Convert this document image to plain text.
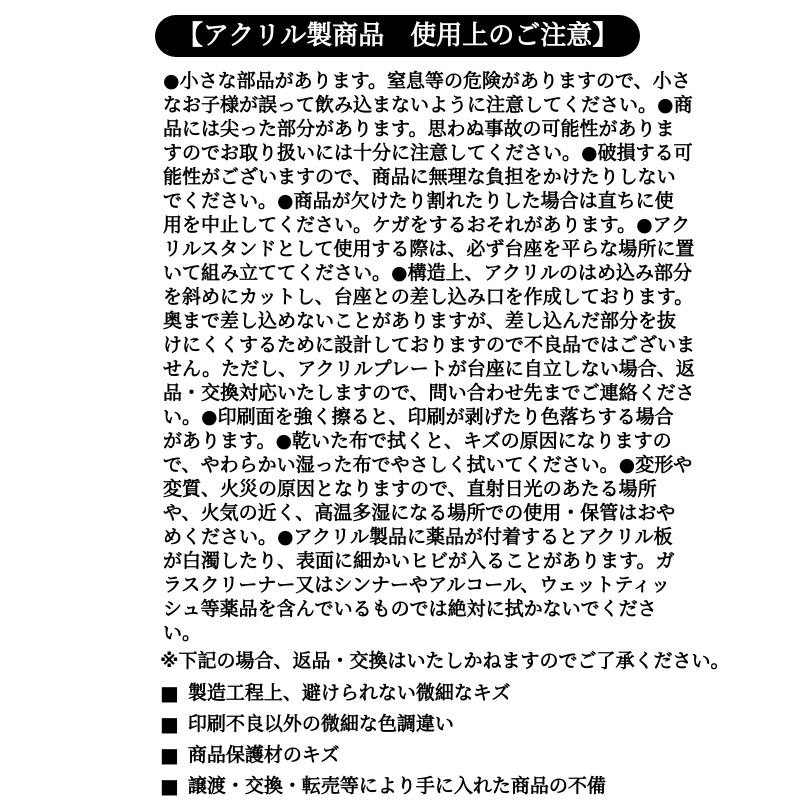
【アクリル製商品　使用上のご注意】
●小さな部品があります。窒息等の危険がありますので、小さ
なお子様が誤って飲み込まないように注意してください。●商
品には尖った部分があります。思わぬ事故の可能性がありま
すのでお取り扱いには十分に注意してください。●破損する可
能性がございますので、商品に無理な負担をかけたりしない
でください。●商品が欠けたり割れたりした場合は直ちに使
用を中止してください。ケガをするおそれがあります。●アク
リルスタンドとして使用する際は、必ず台座を平らな場所に置
いて組み立ててください。●構造上、アクリルのはめ込み部分
を斜めにカットし、台座との差し込み口を作成しております。
奥まで差し込めないことがありますが、差し込んだ部分を抜
けにくくするために設計しておりますので不良品ではございま
せん。ただし、アクリルプレートが台座に自立しない場合、返
品・交換対応いたしますので、問い合わせ先までご連絡くださ
い。●印刷面を強く擦ると、印刷が剥げたり色落ちする場合
があります。●乾いた布で拭くと、キズの原因になりますの
で、やわらかい湿った布でやさしく拭いてください。●変形や
変質、火災の原因となりますので、直射日光のあたる場所
や、火気の近く、高温多湿になる場所での使用・保管はおや
めください。●アクリル製品に薬品が付着するとアクリル板
が白濁したり、表面に細かいヒビが入ることがあります。ガ
ラスクリーナー又はシンナーやアルコール、ウェットティッ
シュ等薬品を含んでいるものでは絶対に拭かないでくださ
い。
※下記の場合、返品・交換はいたしかねますのでご了承ください。
■ 製造工程上、避けられない微細なキズ
■ 印刷不良以外の微細な色調違い
■ 商品保護材のキズ
■ 譲渡・交換・転売等により手に入れた商品の不備
